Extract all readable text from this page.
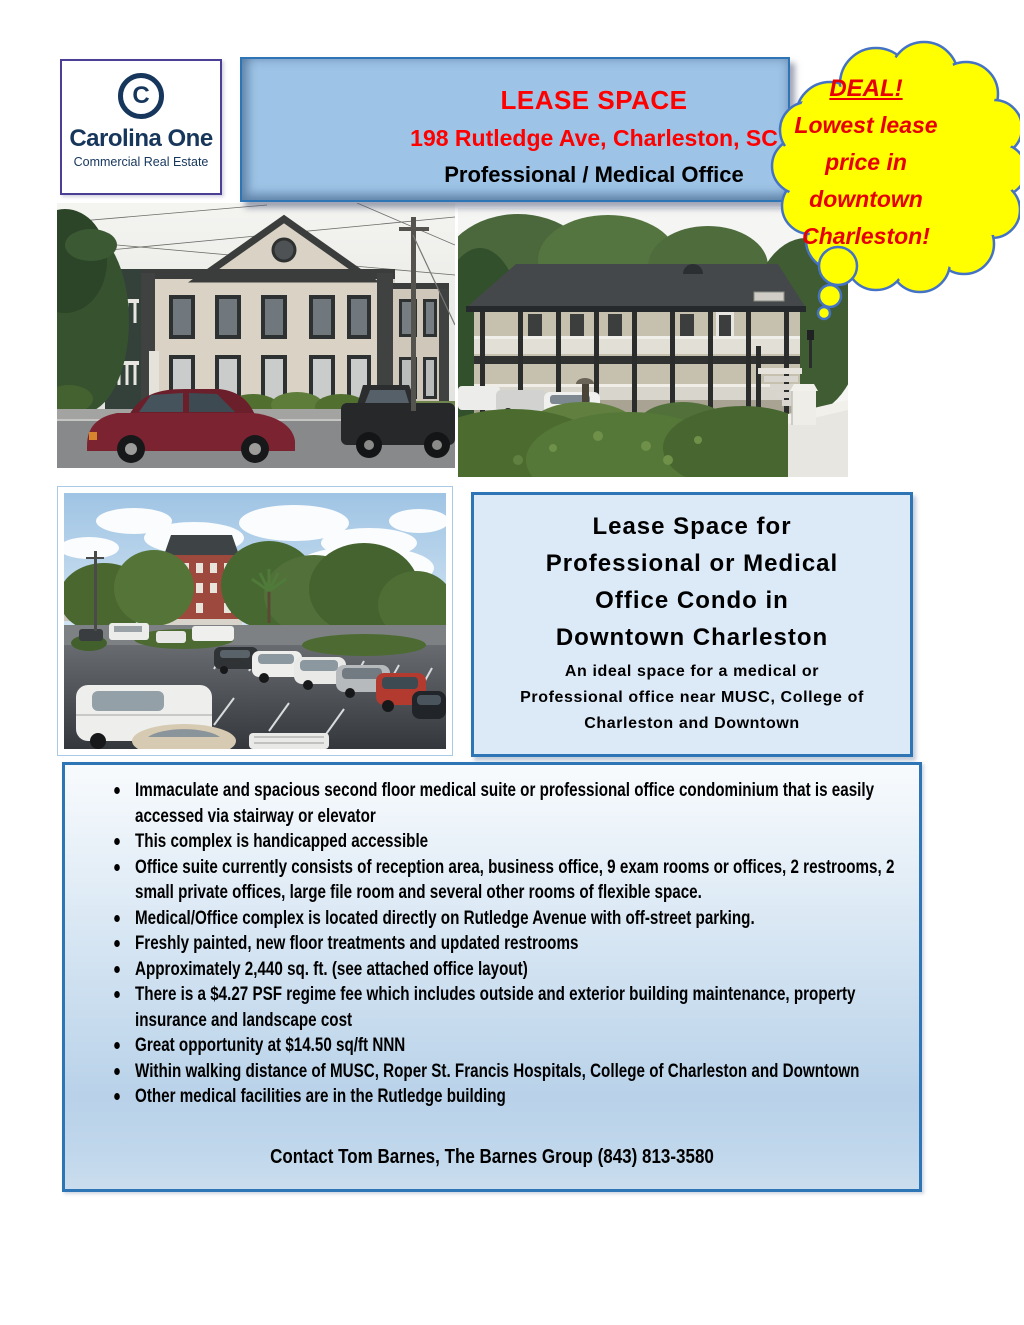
C
Carolina One
Commercial Real Estate
LEASE SPACE
198 Rutledge Ave, Charleston, SC
Professional / Medical Office
DEAL!
Lowest lease
price in
downtown
Charleston!
Lease Space for
Professional or Medical
Office Condo in
Downtown Charleston
An ideal space for a medical or
Professional office near MUSC, College of
Charleston and Downtown
Immaculate and spacious second floor medical suite or professional office condominium that is easily accessed via stairway or elevator
This complex is handicapped accessible
Office suite currently consists of reception area, business office, 9 exam rooms or offices, 2 restrooms, 2 small private offices, large file room and several other rooms of flexible space.
Medical/Office complex is located directly on Rutledge Avenue with off-street parking.
Freshly painted, new floor treatments and updated restrooms
Approximately 2,440 sq. ft. (see attached office layout)
There is a $4.27 PSF regime fee which includes outside and exterior building maintenance, property insurance and landscape cost
Great opportunity at $14.50 sq/ft NNN
Within walking distance of MUSC, Roper St. Francis Hospitals, College of Charleston and Downtown
Other medical facilities are in the Rutledge building
Contact Tom Barnes, The Barnes Group (843) 813-3580
